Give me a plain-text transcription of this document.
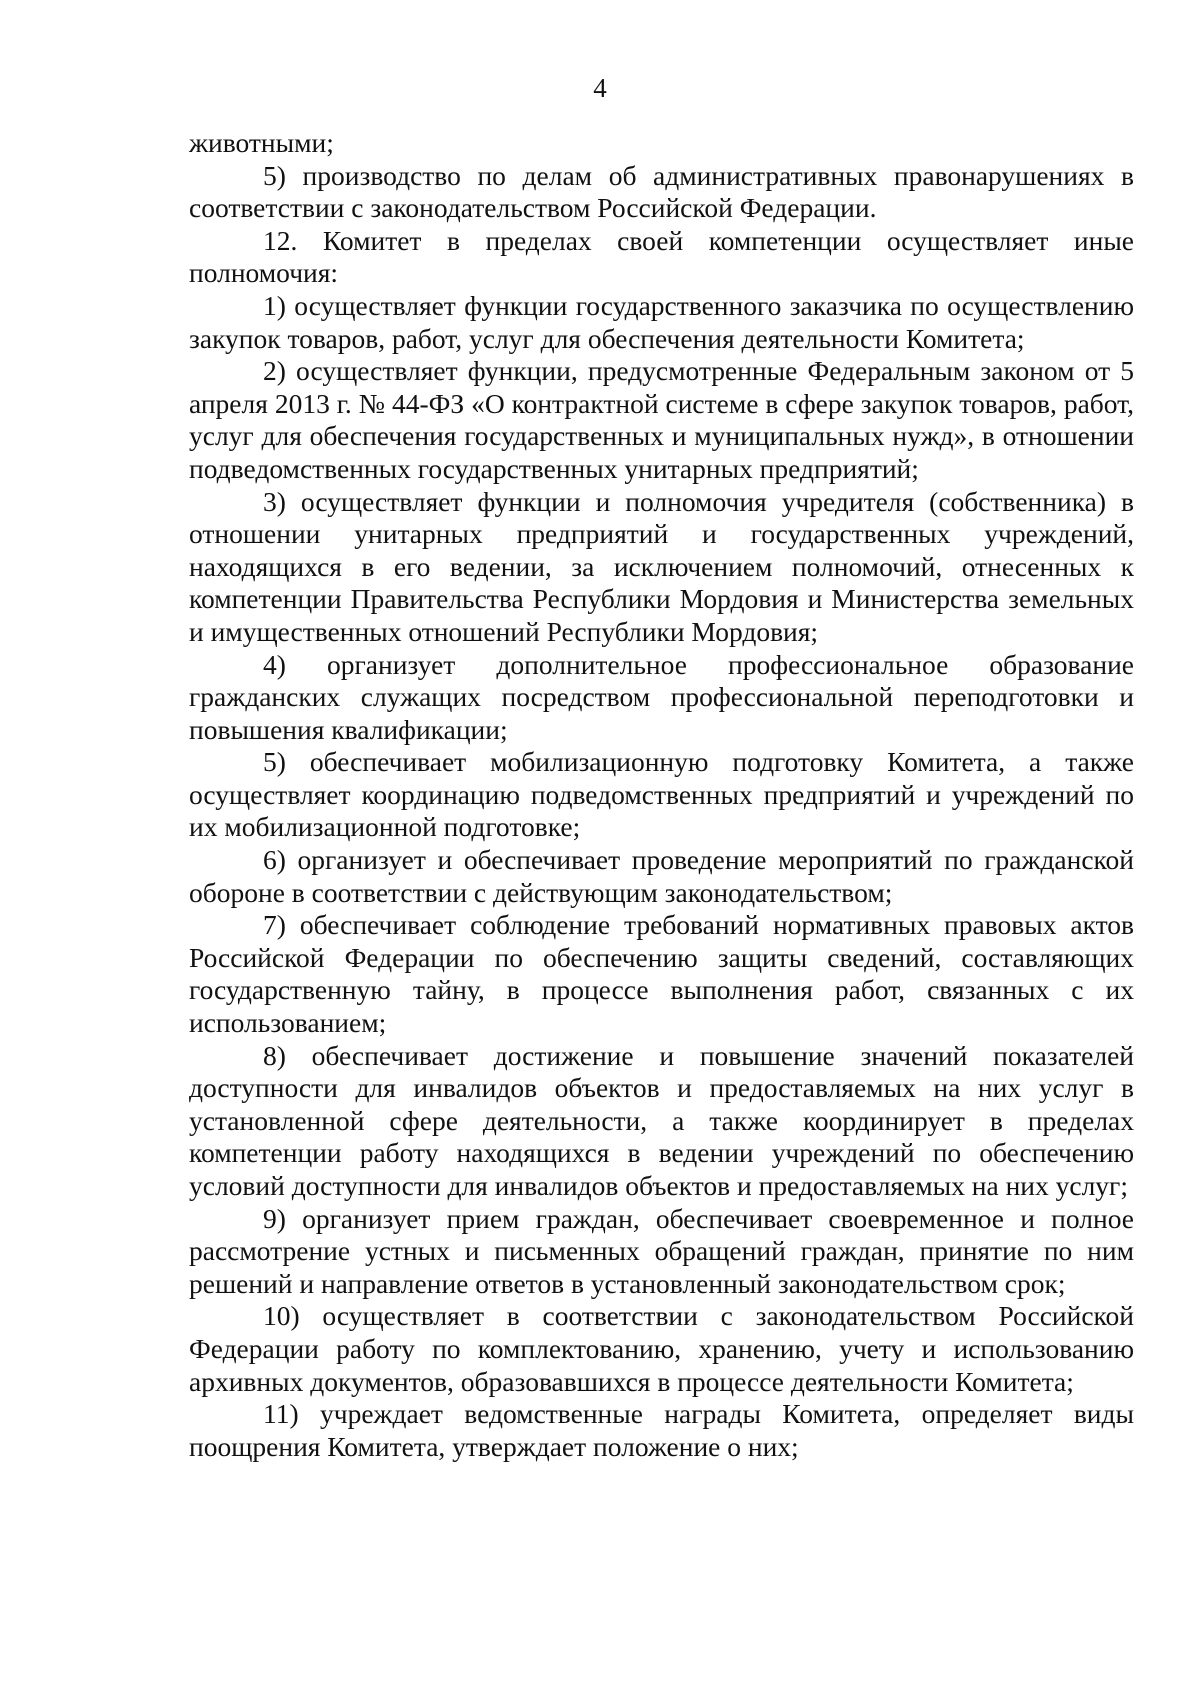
4

животными;

5) производство по делам об административных правонарушениях в соответствии с законодательством Российской Федерации.

12. Комитет в пределах своей компетенции осуществляет иные полномочия:

1) осуществляет функции государственного заказчика по осуществлению закупок товаров, работ, услуг для обеспечения деятельности Комитета;

2) осуществляет функции, предусмотренные Федеральным законом от 5 апреля 2013 г. № 44-ФЗ «О контрактной системе в сфере закупок товаров, работ, услуг для обеспечения государственных и муниципальных нужд», в отношении подведомственных государственных унитарных предприятий;

3) осуществляет функции и полномочия учредителя (собственника) в отношении унитарных предприятий и государственных учреждений, находящихся в его ведении, за исключением полномочий, отнесенных к компетенции Правительства Республики Мордовия и Министерства земельных и имущественных отношений Республики Мордовия;

4) организует дополнительное профессиональное образование гражданских служащих посредством профессиональной переподготовки и повышения квалификации;

5) обеспечивает мобилизационную подготовку Комитета, а также осуществляет координацию подведомственных предприятий и учреждений по их мобилизационной подготовке;

6) организует и обеспечивает проведение мероприятий по гражданской обороне в соответствии с действующим законодательством;

7) обеспечивает соблюдение требований нормативных правовых актов Российской Федерации по обеспечению защиты сведений, составляющих государственную тайну, в процессе выполнения работ, связанных с их использованием;

8) обеспечивает достижение и повышение значений показателей доступности для инвалидов объектов и предоставляемых на них услуг в установленной сфере деятельности, а также координирует в пределах компетенции работу находящихся в ведении учреждений по обеспечению условий доступности для инвалидов объектов и предоставляемых на них услуг;

9) организует прием граждан, обеспечивает своевременное и полное рассмотрение устных и письменных обращений граждан, принятие по ним решений и направление ответов в установленный законодательством срок;

10) осуществляет в соответствии с законодательством Российской Федерации работу по комплектованию, хранению, учету и использованию архивных документов, образовавшихся в процессе деятельности Комитета;

11) учреждает ведомственные награды Комитета, определяет виды поощрения Комитета, утверждает положение о них;
